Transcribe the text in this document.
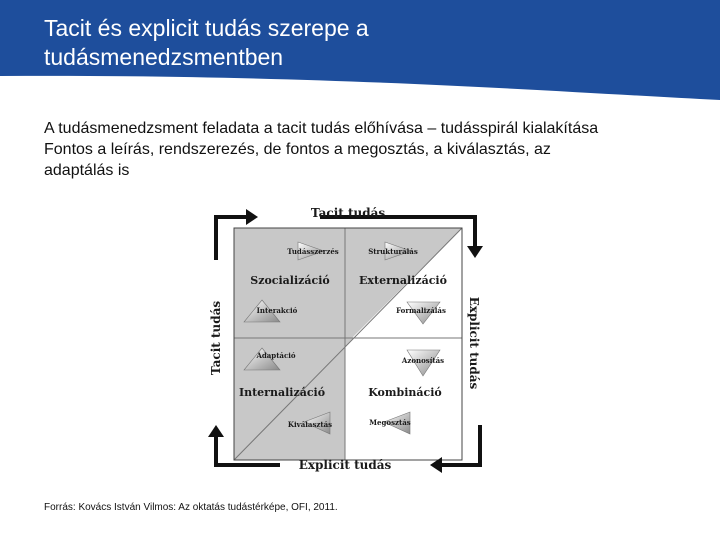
Tacit és explicit tudás szerepe a
tudásmenedzsmentben
A tudásmenedzsment feladata a tacit tudás előhívása – tudásspirál kialakítása
Fontos a leírás, rendszerezés, de fontos a megosztás, a kiválasztás, az
adaptálás is
Tacit tudás
Explicit tudás
Tacit tudás	Explicit tudás
Szocializáció	Externalizáció
Internalizáció	Kombináció
Tudásszerzés	Strukturálás
Interakció	Formalizálás
Adaptáció
Azonosítás
Kiválasztás	Megosztás
Forrás: Kovács István Vilmos: Az oktatás tudástérképe, OFI, 2011.
